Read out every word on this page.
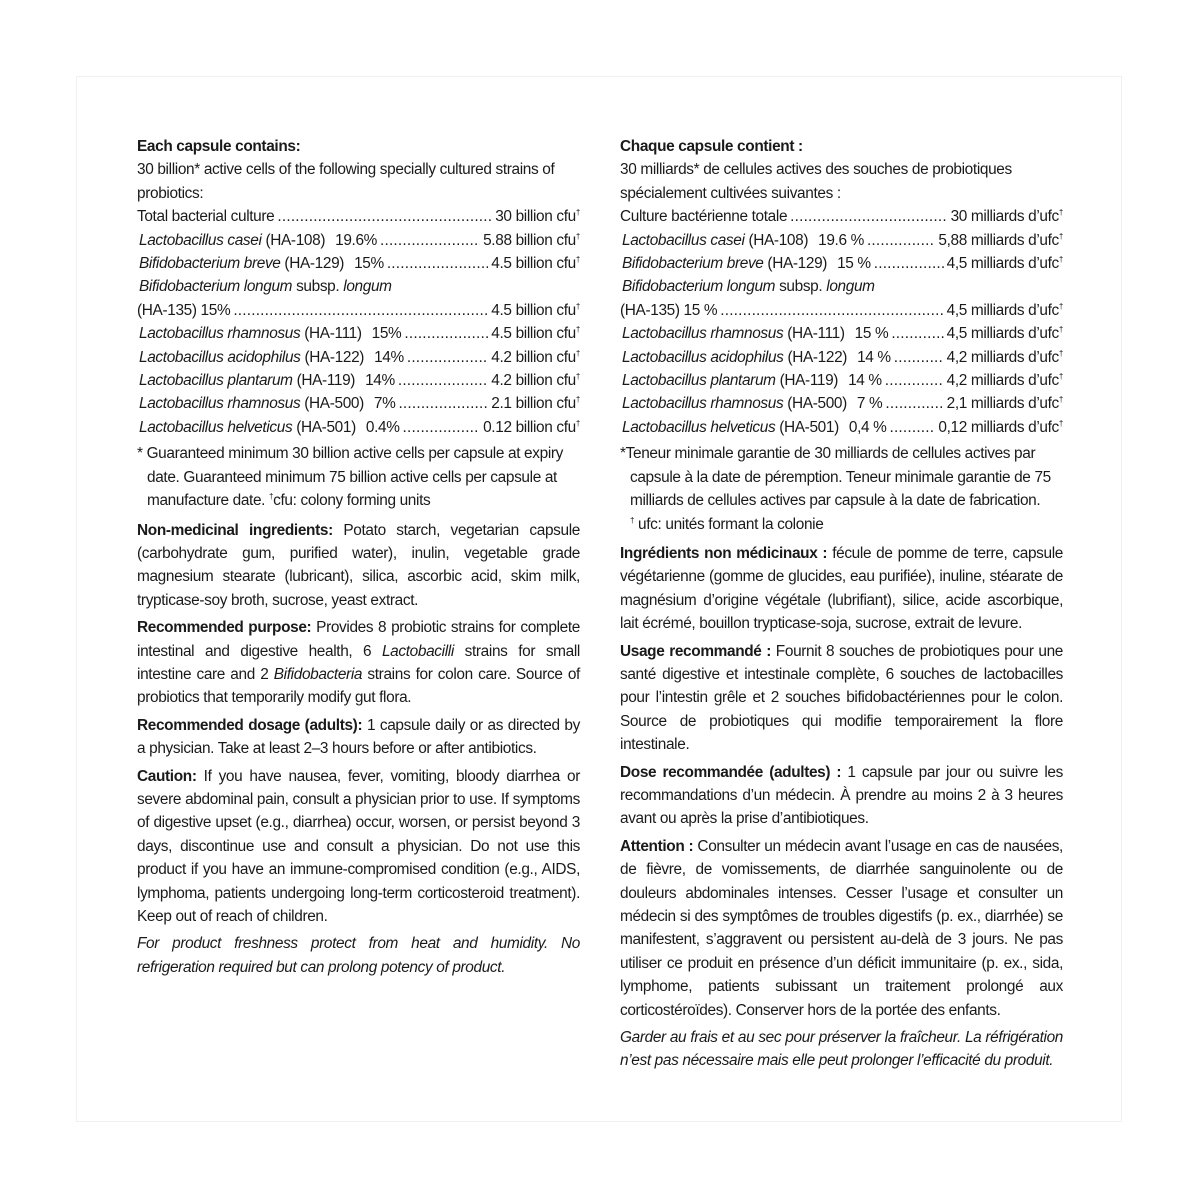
Each capsule contains:

30 billion* active cells of the following specially cultured strains of probiotics:

Total bacterial culture .....	30 billion cfu†
Lactobacillus casei (HA-108) 19.6% .....	5.88 billion cfu†
Bifidobacterium breve (HA-129) 15% .....	4.5 billion cfu†

Bifidobacterium longum subsp. longum

(HA-135) 15% .....	4.5 billion cfu†
Lactobacillus rhamnosus (HA-111) 15% .....	4.5 billion cfu†
Lactobacillus acidophilus (HA-122) 14% .....	4.2 billion cfu†
Lactobacillus plantarum (HA-119) 14% .....	4.2 billion cfu†
Lactobacillus rhamnosus (HA-500) 7% .....	2.1 billion cfu†
Lactobacillus helveticus (HA-501) 0.4% .....	0.12 billion cfu†

* Guaranteed minimum 30 billion active cells per capsule at expiry date. Guaranteed minimum 75 billion active cells per capsule at manufacture date. †cfu: colony forming units

Non-medicinal ingredients: Potato starch, vegetarian capsule (carbohydrate gum, purified water), inulin, vegetable grade magnesium stearate (lubricant), silica, ascorbic acid, skim milk, trypticase-soy broth, sucrose, yeast extract.

Recommended purpose: Provides 8 probiotic strains for complete intestinal and digestive health, 6 Lactobacilli strains for small intestine care and 2 Bifidobacteria strains for colon care. Source of probiotics that temporarily modify gut flora.

Recommended dosage (adults): 1 capsule daily or as directed by a physician. Take at least 2–3 hours before or after antibiotics.

Caution: If you have nausea, fever, vomiting, bloody diarrhea or severe abdominal pain, consult a physician prior to use. If symptoms of digestive upset (e.g., diarrhea) occur, worsen, or persist beyond 3 days, discontinue use and consult a physician. Do not use this product if you have an immune-compromised condition (e.g., AIDS, lymphoma, patients undergoing long-term corticosteroid treatment). Keep out of reach of children.

For product freshness protect from heat and humidity. No refrigeration required but can prolong potency of product.

Chaque capsule contient :

30 milliards* de cellules actives des souches de probiotiques spécialement cultivées suivantes :

Culture bactérienne totale .....	30 milliards d’ufc†
Lactobacillus casei (HA-108) 19.6 % .....	5,88 milliards d’ufc†
Bifidobacterium breve (HA-129) 15 % .....	4,5 milliards d’ufc†

Bifidobacterium longum subsp. longum

(HA-135) 15 % .....	4,5 milliards d’ufc†
Lactobacillus rhamnosus (HA-111) 15 % .....	4,5 milliards d’ufc†
Lactobacillus acidophilus (HA-122) 14 % .....	4,2 milliards d’ufc†
Lactobacillus plantarum (HA-119) 14 % .....	4,2 milliards d’ufc†
Lactobacillus rhamnosus (HA-500) 7 % .....	2,1 milliards d’ufc†
Lactobacillus helveticus (HA-501) 0,4 % .....	0,12 milliards d’ufc†

*Teneur minimale garantie de 30 milliards de cellules actives par capsule à la date de péremption. Teneur minimale garantie de 75 milliards de cellules actives par capsule à la date de fabrication.
† ufc: unités formant la colonie

Ingrédients non médicinaux : fécule de pomme de terre, capsule végétarienne (gomme de glucides, eau purifiée), inuline, stéarate de magnésium d’origine végétale (lubrifiant), silice, acide ascorbique, lait écrémé, bouillon trypticase-soja, sucrose, extrait de levure.

Usage recommandé : Fournit 8 souches de probiotiques pour une santé digestive et intestinale complète, 6 souches de lactobacilles pour l’intestin grêle et 2 souches bifidobactériennes pour le colon. Source de probiotiques qui modifie temporairement la flore intestinale.

Dose recommandée (adultes) : 1 capsule par jour ou suivre les recommandations d’un médecin. À prendre au moins 2 à 3 heures avant ou après la prise d’antibiotiques.

Attention : Consulter un médecin avant l’usage en cas de nausées, de fièvre, de vomissements, de diarrhée sanguinolente ou de douleurs abdominales intenses. Cesser l’usage et consulter un médecin si des symptômes de troubles digestifs (p. ex., diarrhée) se manifestent, s’aggravent ou persistent au-delà de 3 jours. Ne pas utiliser ce produit en présence d’un déficit immunitaire (p. ex., sida, lymphome, patients subissant un traitement prolongé aux corticostéroïdes). Conserver hors de la portée des enfants.

Garder au frais et au sec pour préserver la fraîcheur. La réfrigération n’est pas nécessaire mais elle peut prolonger l’efficacité du produit.
